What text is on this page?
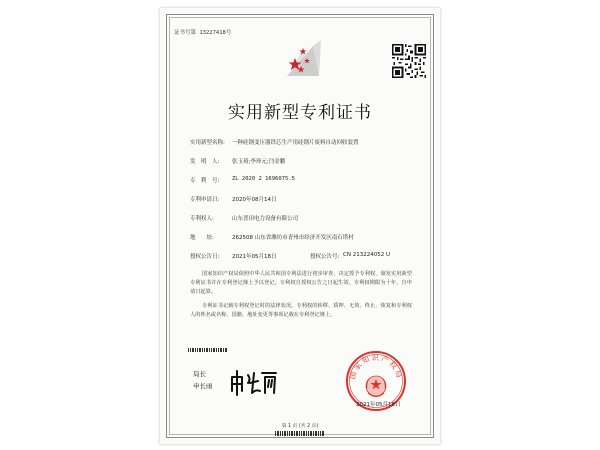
证书号第 13227418号
实用新型专利证书
实用新型名称: 一种硅钢变压器铁芯生产用硅钢片废料自动回收装置
发　明　人: 张玉琦;李珍元;闫金鹏
专　利　号: ZL 2020 2 1696075.5
专利申请日: 2020年08月14日
专利权人:	山东普田电力设备有限公司
地　　址:	262508 山东省潍坊市青州市经济开发区南石塔村
授权公告日: 2021年05月18日	授权公告号: CN 213224052 U
国家知识产权局依照中华人民共和国专利法进行初步审查，决定授予专利权，颁发实用新型专利证书并在专利登记簿上予以登记。专利权自授权公告之日起生效。专利权期限为十年，自申请日起算。
专利证书记载专利权登记时的法律状况。专利权的转移、质押、无效、终止、恢复和专利权人的姓名或名称、国籍、地址变更等事项记载在专利登记簿上。
局长
申长雨
国家知识产权局
2021年05月18日
第 1 页 (共 2 页)
